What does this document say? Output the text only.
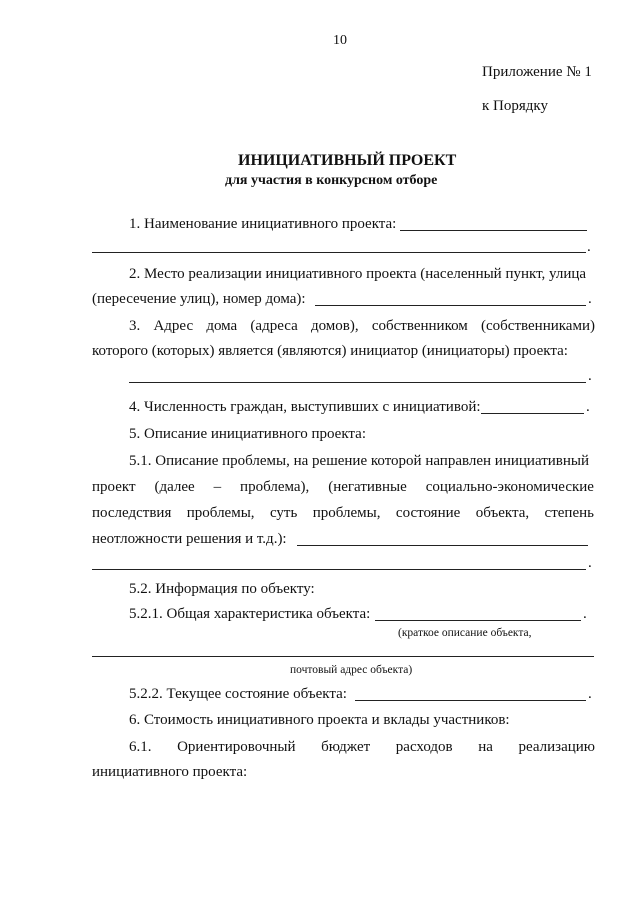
10
Приложение № 1
к Порядку
ИНИЦИАТИВНЫЙ ПРОЕКТ
для участия в конкурсном отборе
1. Наименование инициативного проекта:
.
2. Место реализации инициативного проекта (населенный пункт, улица
(пересечение улиц), номер дома):	.
3. Адрес дома (адреса домов), собственником (собственниками)
которого (которых) является (являются) инициатор (инициаторы) проекта:
.
4. Численность граждан, выступивших с инициативой:	.
5. Описание инициативного проекта:
5.1. Описание проблемы, на решение которой направлен инициативный
проект (далее – проблема), (негативные социально-экономические
последствия проблемы, суть проблемы, состояние объекта, степень
неотложности решения и т.д.):
.
5.2. Информация по объекту:
5.2.1. Общая характеристика объекта:	.
(краткое описание объекта,
почтовый адрес объекта)
5.2.2. Текущее состояние объекта:	.
6. Стоимость инициативного проекта и вклады участников:
6.1. Ориентировочный бюджет расходов на реализацию
инициативного проекта:
